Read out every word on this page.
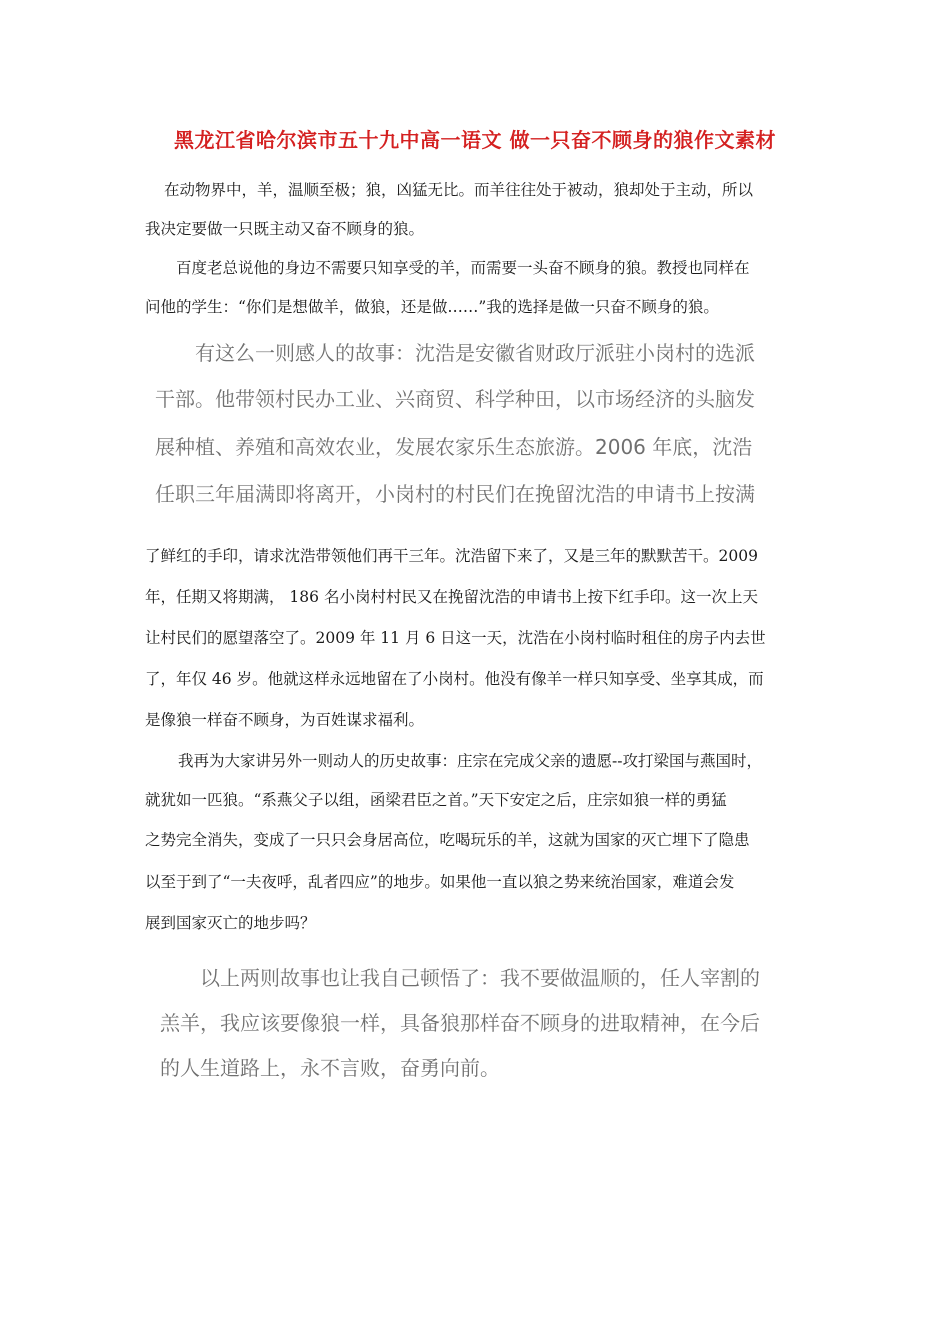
黑龙江省哈尔滨市五十九中高一语文 做一只奋不顾身的狼作文素材
在动物界中，羊，温顺至极；狼，凶猛无比。而羊往往处于被动，狼却处于主动，所以
我决定要做一只既主动又奋不顾身的狼。
百度老总说他的身边不需要只知享受的羊，而需要一头奋不顾身的狼。教授也同样在
问他的学生：“你们是想做羊，做狼，还是做……”我的选择是做一只奋不顾身的狼。
有这么一则感人的故事：沈浩是安徽省财政厅派驻小岗村的选派
干部。他带领村民办工业、兴商贸、科学种田，以市场经济的头脑发
展种植、养殖和高效农业，发展农家乐生态旅游。2006 年底，沈浩
任职三年届满即将离开，小岗村的村民们在挽留沈浩的申请书上按满
了鲜红的手印，请求沈浩带领他们再干三年。沈浩留下来了，又是三年的默默苦干。2009
年，任期又将期满， 186 名小岗村村民又在挽留沈浩的申请书上按下红手印。这一次上天
让村民们的愿望落空了。2009 年 11 月 6 日这一天，沈浩在小岗村临时租住的房子内去世
了，年仅 46 岁。他就这样永远地留在了小岗村。他没有像羊一样只知享受、坐享其成，而
是像狼一样奋不顾身，为百姓谋求福利。
我再为大家讲另外一则动人的历史故事：庄宗在完成父亲的遗愿--攻打梁国与燕国时，
就犹如一匹狼。“系燕父子以组，函梁君臣之首。”天下安定之后，庄宗如狼一样的勇猛
之势完全消失，变成了一只只会身居高位，吃喝玩乐的羊，这就为国家的灭亡埋下了隐患
以至于到了“一夫夜呼，乱者四应”的地步。如果他一直以狼之势来统治国家，难道会发
展到国家灭亡的地步吗？
以上两则故事也让我自己顿悟了：我不要做温顺的，任人宰割的
羔羊，我应该要像狼一样，具备狼那样奋不顾身的进取精神，在今后
的人生道路上，永不言败，奋勇向前。
